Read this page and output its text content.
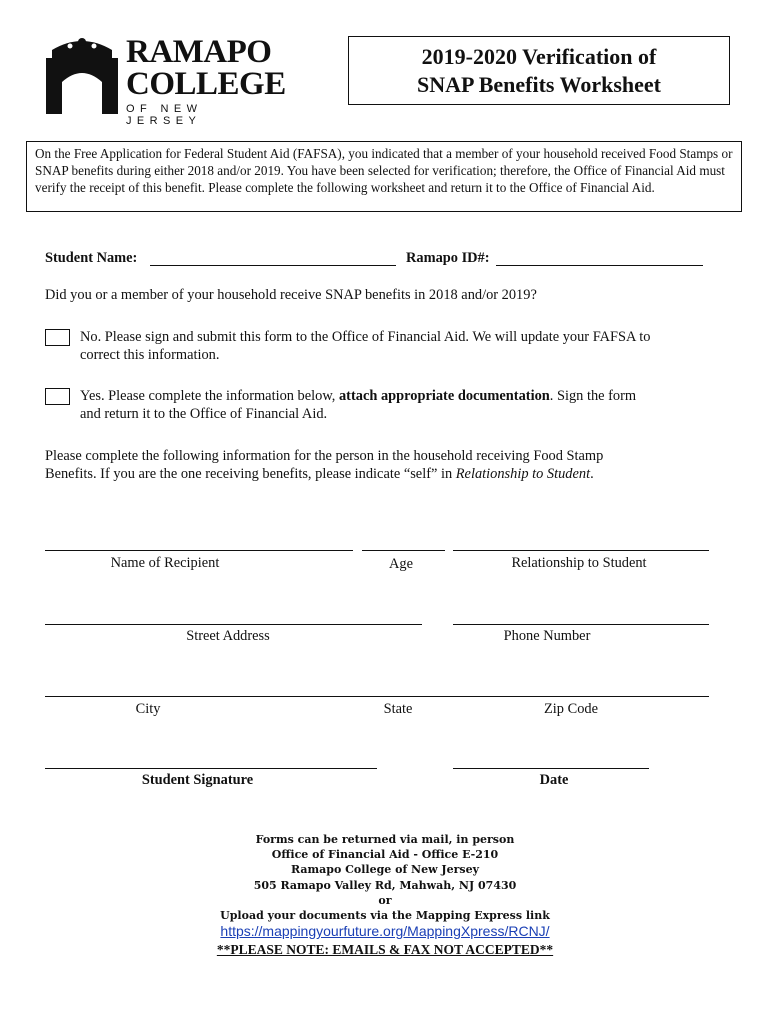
RAMAPO
COLLEGE
OF NEW JERSEY
2019-2020 Verification of
SNAP Benefits Worksheet
On the Free Application for Federal Student Aid (FAFSA), you indicated that a member of your household received Food Stamps or SNAP benefits during either 2018 and/or 2019. You have been selected for verification; therefore, the Office of Financial Aid must verify the receipt of this benefit. Please complete the following worksheet and return it to the Office of Financial Aid.
Student Name:	Ramapo ID#:
Did you or a member of your household receive SNAP benefits in 2018 and/or 2019?
No. Please sign and submit this form to the Office of Financial Aid. We will update your FAFSA to
correct this information.
Yes. Please complete the information below, attach appropriate documentation. Sign the form
and return it to the Office of Financial Aid.
Please complete the following information for the person in the household receiving Food Stamp
Benefits. If you are the one receiving benefits, please indicate “self” in Relationship to Student.
Name of Recipient	Age	Relationship to Student
Street Address	Phone Number
City	State	Zip Code
Student Signature	Date
Forms can be returned via mail, in person
Office of Financial Aid - Office E-210
Ramapo College of New Jersey
505 Ramapo Valley Rd, Mahwah, NJ 07430
or
Upload your documents via the Mapping Express link
https://mappingyourfuture.org/MappingXpress/RCNJ/
**PLEASE NOTE: EMAILS & FAX NOT ACCEPTED**
